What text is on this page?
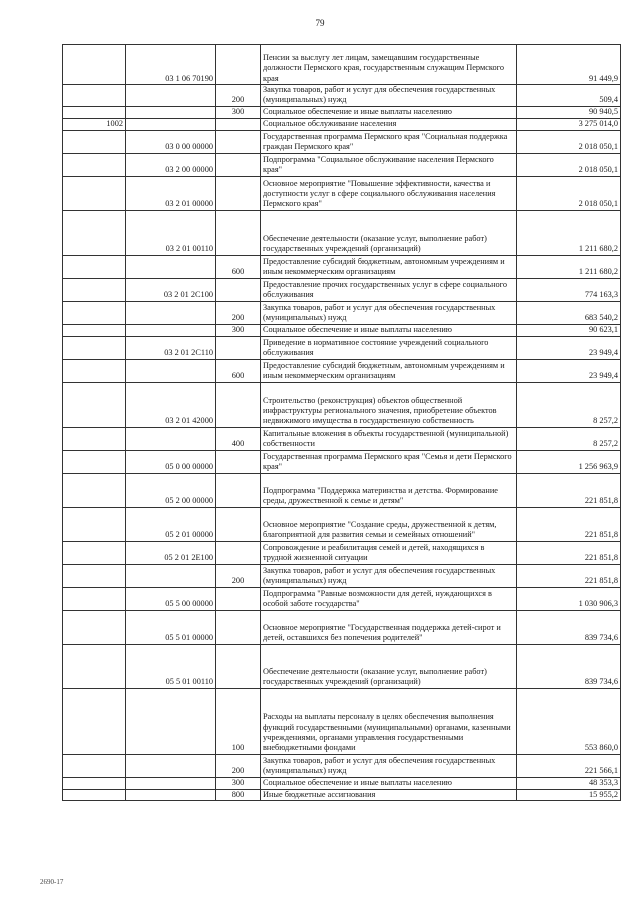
79
	03 1 06 70190		Пенсии за выслугу лет лицам, замещавшим государственные должности Пермского края, государственным служащим Пермского края	91 449,9
		200	Закупка товаров, работ и услуг для обеспечения государственных (муниципальных) нужд	509,4
		300	Социальное обеспечение и иные выплаты населению	90 940,5
1002			Социальное обслуживание населения	3 275 014,0
	03 0 00 00000		Государственная программа Пермского края "Социальная поддержка граждан Пермского края"	2 018 050,1
	03 2 00 00000		Подпрограмма "Социальное обслуживание населения Пермского края"	2 018 050,1
	03 2 01 00000		Основное мероприятие "Повышение эффективности, качества и доступности услуг в сфере социального обслуживания населения Пермского края"	2 018 050,1
	03 2 01 00110		Обеспечение деятельности (оказание услуг, выполнение работ) государственных учреждений (организаций)	1 211 680,2
		600	Предоставление субсидий бюджетным, автономным учреждениям и иным некоммерческим организациям	1 211 680,2
	03 2 01 2С100		Предоставление прочих государственных услуг в сфере социального обслуживания	774 163,3
		200	Закупка товаров, работ и услуг для обеспечения государственных (муниципальных) нужд	683 540,2
		300	Социальное обеспечение и иные выплаты населению	90 623,1
	03 2 01 2С110		Приведение в нормативное состояние учреждений социального обслуживания	23 949,4
		600	Предоставление субсидий бюджетным, автономным учреждениям и иным некоммерческим организациям	23 949,4
	03 2 01 42000		Строительство (реконструкция) объектов общественной инфраструктуры регионального значения, приобретение объектов недвижимого имущества в государственную собственность	8 257,2
		400	Капитальные вложения в объекты государственной (муниципальной) собственности	8 257,2
	05 0 00 00000		Государственная программа Пермского края "Семья и дети Пермского края"	1 256 963,9
	05 2 00 00000		Подпрограмма "Поддержка материнства и детства. Формирование среды, дружественной к семье и детям"	221 851,8
	05 2 01 00000		Основное мероприятие "Создание среды, дружественной к детям, благоприятной для развития семьи и семейных отношений"	221 851,8
	05 2 01 2Е100		Сопровождение и реабилитация семей и детей, находящихся в трудной жизненной ситуации	221 851,8
		200	Закупка товаров, работ и услуг для обеспечения государственных (муниципальных) нужд	221 851,8
	05 5 00 00000		Подпрограмма "Равные возможности для детей, нуждающихся в особой заботе государства"	1 030 906,3
	05 5 01 00000		Основное мероприятие "Государственная поддержка детей-сирот и детей, оставшихся без попечения родителей"	839 734,6
	05 5 01 00110		Обеспечение деятельности (оказание услуг, выполнение работ) государственных учреждений (организаций)	839 734,6
		100	Расходы на выплаты персоналу в целях обеспечения выполнения функций государственными (муниципальными) органами, казенными учреждениями, органами управления государственными внебюджетными фондами	553 860,0
		200	Закупка товаров, работ и услуг для обеспечения государственных (муниципальных) нужд	221 566,1
		300	Социальное обеспечение и иные выплаты населению	48 353,3
		800	Иные бюджетные ассигнования	15 955,2
2690-17
